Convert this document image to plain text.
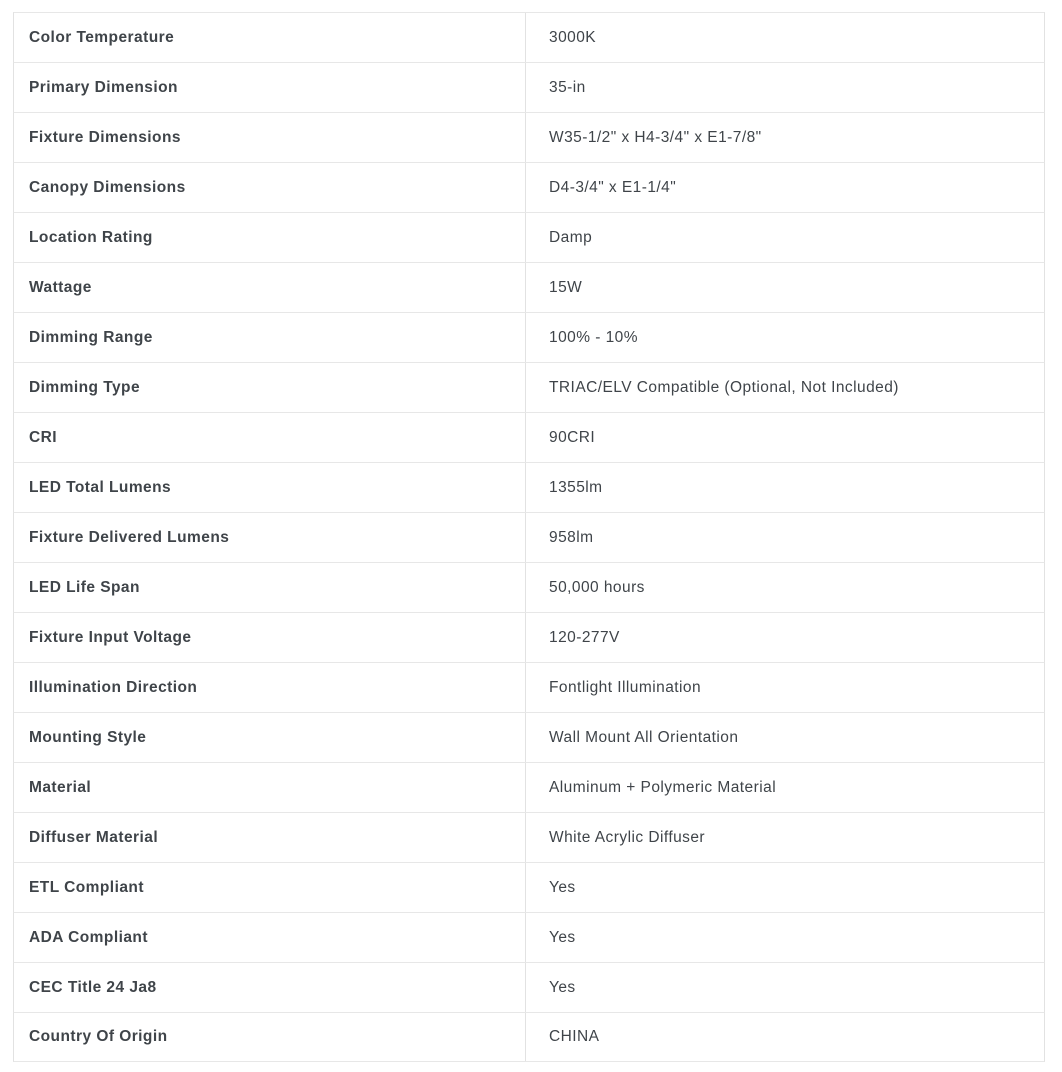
Color Temperature	3000K
Primary Dimension	35-in
Fixture Dimensions	W35-1/2" x H4-3/4" x E1-7/8"
Canopy Dimensions	D4-3/4" x E1-1/4"
Location Rating	Damp
Wattage	15W
Dimming Range	100% - 10%
Dimming Type	TRIAC/ELV Compatible (Optional, Not Included)
CRI	90CRI
LED Total Lumens	1355lm
Fixture Delivered Lumens	958lm
LED Life Span	50,000 hours
Fixture Input Voltage	120-277V
Illumination Direction	Fontlight Illumination
Mounting Style	Wall Mount All Orientation
Material	Aluminum + Polymeric Material
Diffuser Material	White Acrylic Diffuser
ETL Compliant	Yes
ADA Compliant	Yes
CEC Title 24 Ja8	Yes
Country Of Origin	CHINA
